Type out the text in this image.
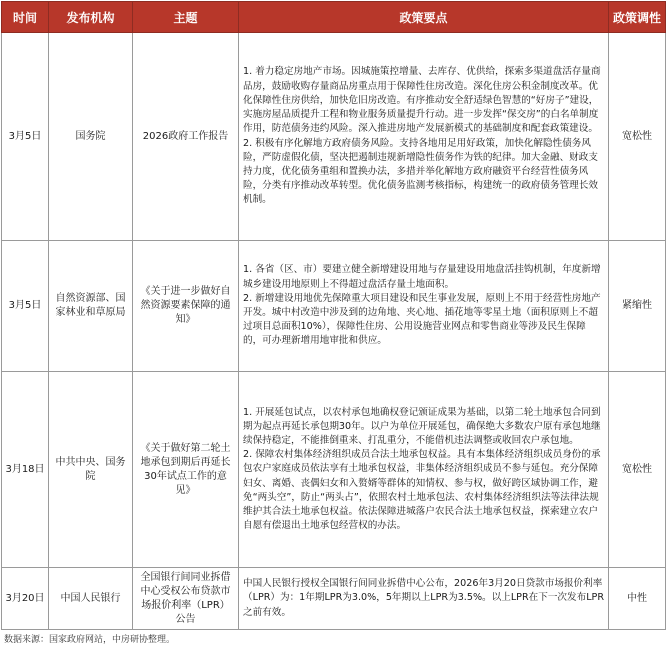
时间	发布机构	主题	政策要点	政策调性
3月5日	国务院	2026政府工作报告	1. 着力稳定房地产市场。因城施策控增量、去库存、优供给，探索多渠道盘活存量商品房，鼓励收购存量商品房重点用于保障性住房改造。深化住房公积金制度改革。优化保障性住房供给，加快危旧房改造。有序推动安全舒适绿色智慧的“好房子”建设，实施房屋品质提升工程和物业服务质量提升行动。进一步发挥“保交房”的白名单制度作用，防范债务违约风险。深入推进房地产发展新模式的基础制度和配套政策建设。

2. 积极有序化解地方政府债务风险。支持各地用足用好政策，加快化解隐性债务风险，严防虚假化债，坚决把遏制违规新增隐性债务作为铁的纪律。加大金融、财政支持力度，优化债务重组和置换办法，多措并举化解地方政府融资平台经营性债务风险，分类有序推动改革转型。优化债务监测考核指标，构建统一的政府债务管理长效机制。	宽松性
3月5日	自然资源部、国家林业和草原局	《关于进一步做好自然资源要素保障的通知》	1. 各省（区、市）要建立健全新增建设用地与存量建设用地盘活挂钩机制，年度新增城乡建设用地原则上不得超过盘活存量土地面积。

2. 新增建设用地优先保障重大项目建设和民生事业发展，原则上不用于经营性房地产开发。城中村改造中涉及到的边角地、夹心地、插花地等零星土地（面积原则上不超过项目总面积10%），保障性住房、公用设施营业网点和零售商业等涉及民生保障的，可办理新增用地审批和供应。	紧缩性
3月18日	中共中央、国务院	《关于做好第二轮土地承包到期后再延长30年试点工作的意见》	1. 开展延包试点，以农村承包地确权登记颁证成果为基础，以第二轮土地承包合同到期为起点再延长承包期30年。以户为单位开展延包，确保绝大多数农户原有承包地继续保持稳定，不能推倒重来、打乱重分，不能借机违法调整或收回农户承包地。

2. 保障农村集体经济组织成员合法土地承包权益。具有本集体经济组织成员身份的承包农户家庭成员依法享有土地承包权益，非集体经济组织成员不参与延包。充分保障妇女、离婚、丧偶妇女和入赘婿等群体的知情权、参与权，做好跨区域协调工作，避免“两头空”，防止“两头占”，依照农村土地承包法、农村集体经济组织法等法律法规维护其合法土地承包权益。依法保障进城落户农民合法土地承包权益，探索建立农户自愿有偿退出土地承包经营权的办法。	宽松性
3月20日	中国人民银行	全国银行间同业拆借中心受权公布贷款市场报价利率（LPR）公告	中国人民银行授权全国银行间同业拆借中心公布，2026年3月20日贷款市场报价利率（LPR）为：1年期LPR为3.0%，5年期以上LPR为3.5%。以上LPR在下一次发布LPR之前有效。	中性
数据来源：国家政府网站，中房研协整理。
